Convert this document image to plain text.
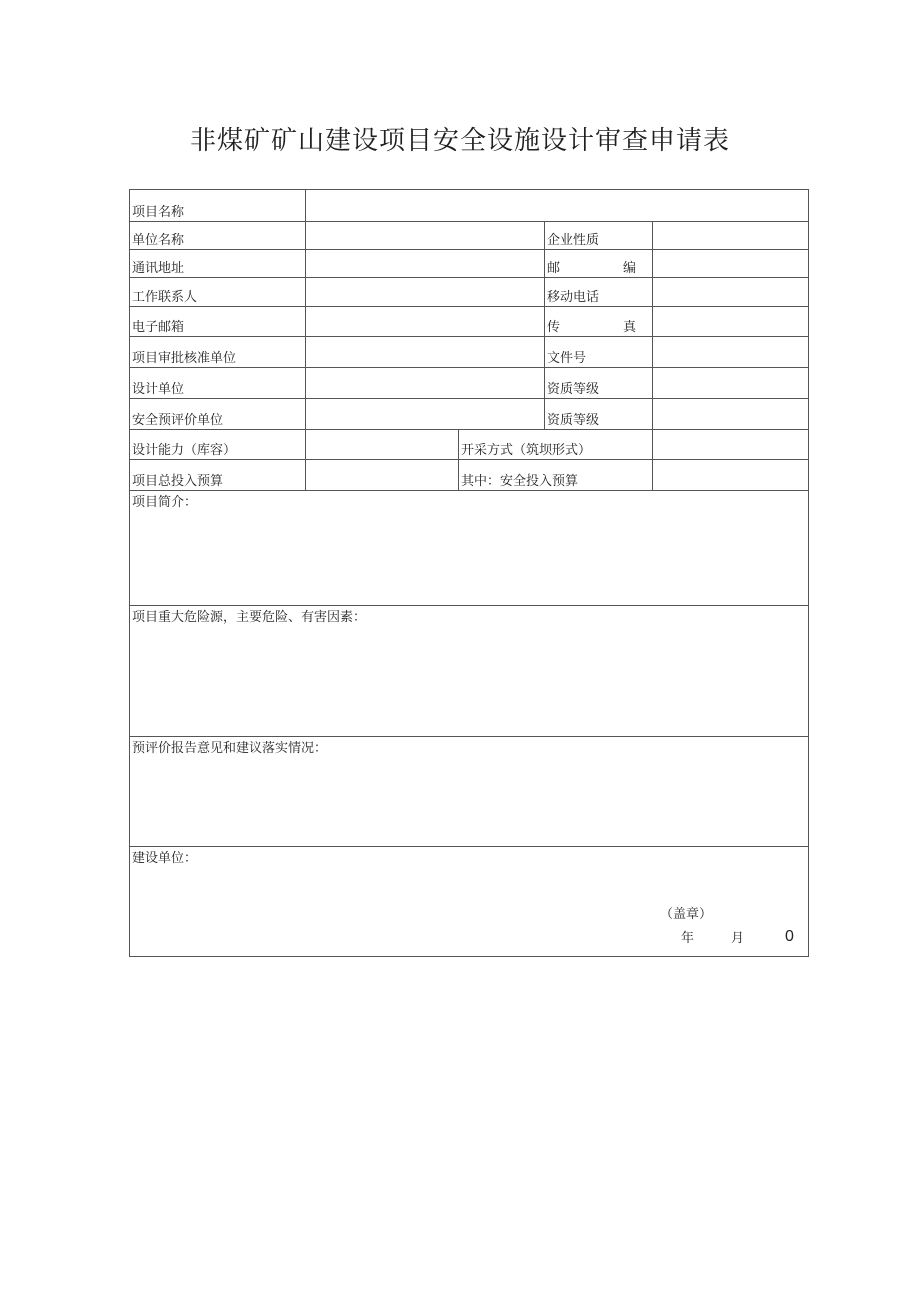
非煤矿矿山建设项目安全设施设计审查申请表
项目名称				
单位名称			企业性质	
通讯地址			邮 编	

工作联系人			移动电话	
电子邮箱			传 真	

项目审批核准单位			文件号	
设计单位			资质等级	
安全预评价单位			资质等级	
设计能力（库容）		开采方式（筑坝形式）		
项目总投入预算		其中：安全投入预算		
项目简介：				
项目重大危险源，主要危险、有害因素：				
预评价报告意见和建议落实情况：				
建设单位：
（盖章）
年 月 0				
